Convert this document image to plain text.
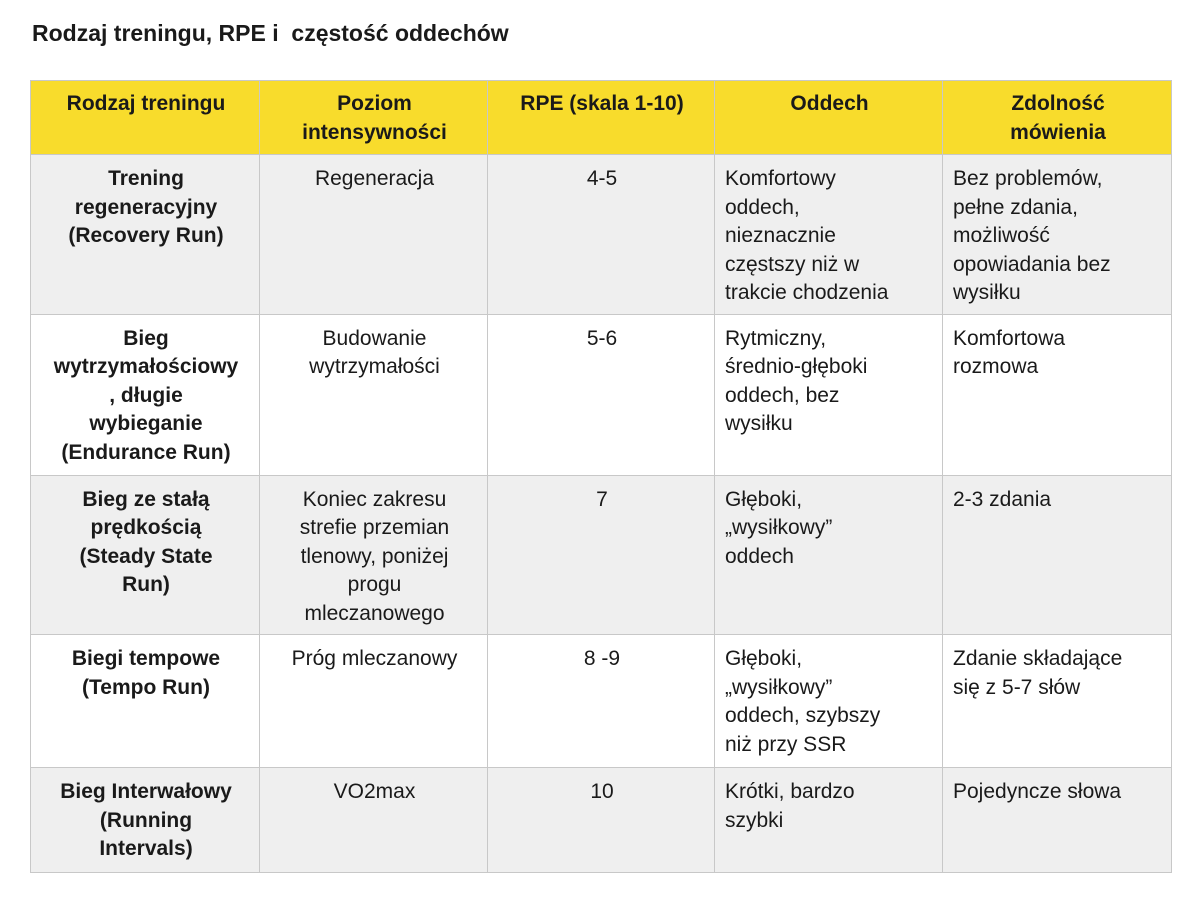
Rodzaj treningu, RPE i  częstość oddechów
Rodzaj treningu	Poziom
intensywności	RPE (skala 1-10)	Oddech	Zdolność
mówienia

Trening
regeneracyjny
(Recovery Run)	Regeneracja	4-5	Komfortowy
oddech,
nieznacznie
częstszy niż w
trakcie chodzenia	Bez problemów,
pełne zdania,
możliwość
opowiadania bez
wysiłku

Bieg
wytrzymałościowy
, długie
wybieganie
(Endurance Run)	Budowanie
wytrzymałości	5-6	Rytmiczny,
średnio-głęboki
oddech, bez
wysiłku	Komfortowa
rozmowa

Bieg ze stałą
prędkością
(Steady State
Run)	Koniec zakresu
strefie przemian
tlenowy, poniżej
progu
mleczanowego	7	Głęboki,
„wysiłkowy”
oddech	2-3 zdania

Biegi tempowe
(Tempo Run)	Próg mleczanowy	8 -9	Głęboki,
„wysiłkowy”
oddech, szybszy
niż przy SSR	Zdanie składające
się z 5-7 słów

Bieg Interwałowy
(Running
Intervals)	VO2max	10	Krótki, bardzo
szybki	Pojedyncze słowa
